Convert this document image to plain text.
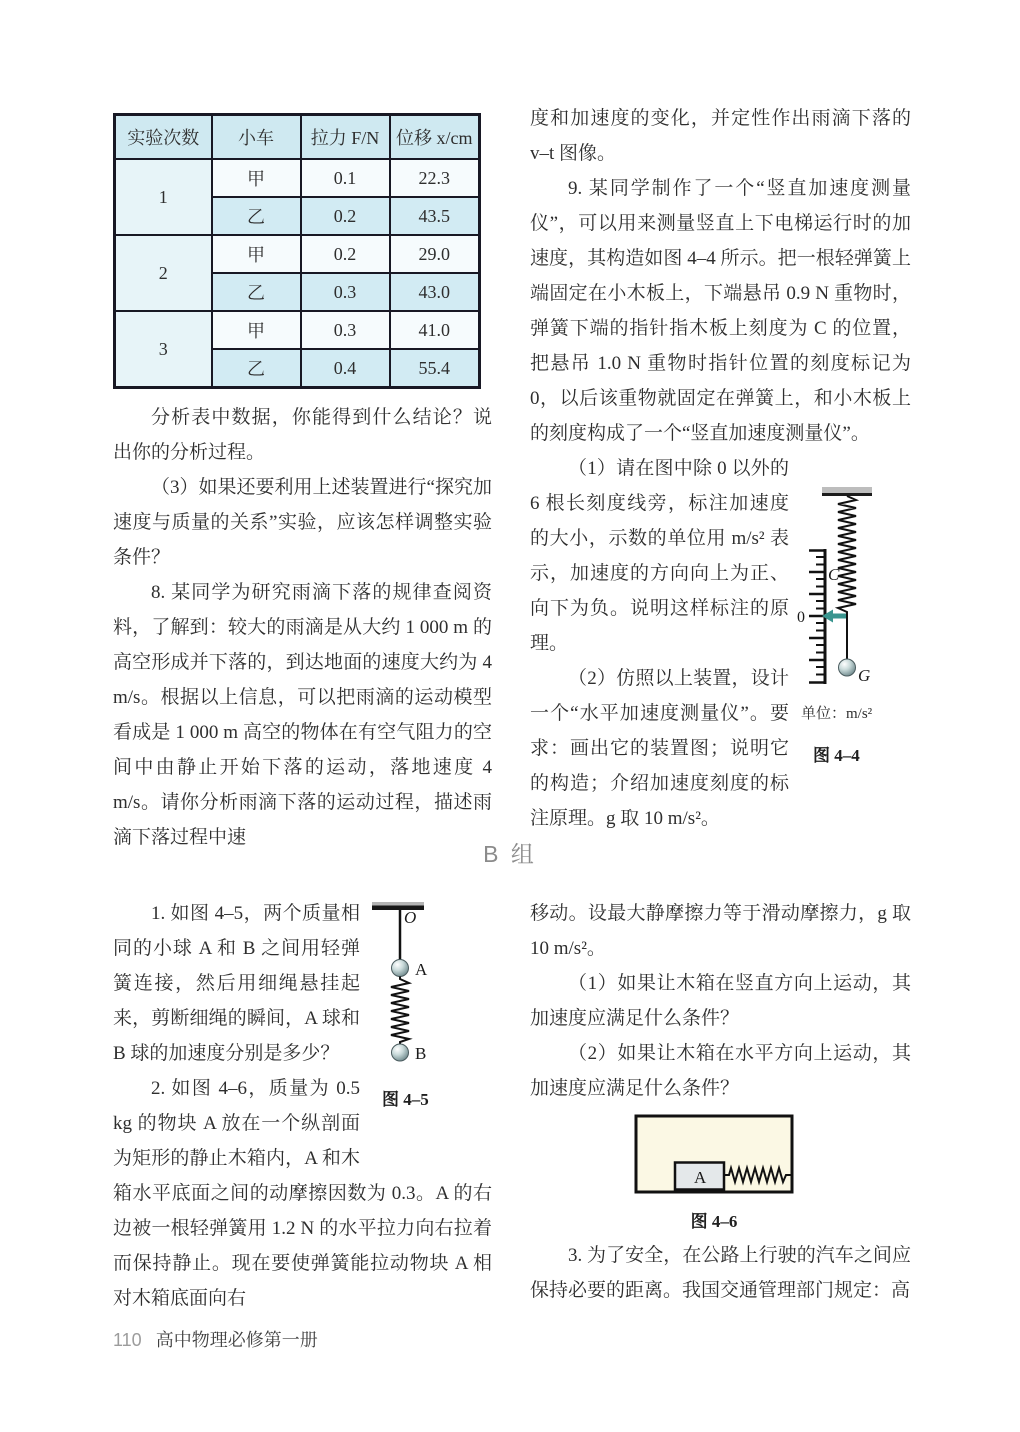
实验次数	小车	拉力 F/N	位移 x/cm
1	甲	0.1	22.3
	乙	0.2	43.5
2	甲	0.2	29.0
	乙	0.3	43.0
3	甲	0.3	41.0
	乙	0.4	55.4

分析表中数据，你能得到什么结论？说出你的分析过程。

（3）如果还要利用上述装置进行“探究加速度与质量的关系”实验，应该怎样调整实验条件？

8. 某同学为研究雨滴下落的规律查阅资料，了解到：较大的雨滴是从大约 1 000 m 的高空形成并下落的，到达地面的速度大约为 4 m/s。根据以上信息，可以把雨滴的运动模型看成是 1 000 m 高空的物体在有空气阻力的空间中由静止开始下落的运动，落地速度 4 m/s。请你分析雨滴下落的运动过程，描述雨滴下落过程中速

度和加速度的变化，并定性作出雨滴下落的 v–t 图像。

9. 某同学制作了一个“竖直加速度测量仪”，可以用来测量竖直上下电梯运行时的加速度，其构造如图 4–4 所示。把一根轻弹簧上端固定在小木板上，下端悬吊 0.9 N 重物时，弹簧下端的指针指木板上刻度为 C 的位置，把悬吊 1.0 N 重物时指针位置的刻度标记为 0，以后该重物就固定在弹簧上，和小木板上的刻度构成了一个“竖直加速度测量仪”。

C
0
G
单位：m/s²
图 4–4

（1）请在图中除 0 以外的 6 根长刻度线旁，标注加速度的大小，示数的单位用 m/s² 表示，加速度的方向向上为正、向下为负。说明这样标注的原理。

（2）仿照以上装置，设计一个“水平加速度测量仪”。要求：画出它的装置图；说明它的构造；介绍加速度刻度的标注原理。g 取 10 m/s²。

B 组
O
A
B
图 4–5

1. 如图 4–5，两个质量相同的小球 A 和 B 之间用轻弹簧连接，然后用细绳悬挂起来，剪断细绳的瞬间，A 球和 B 球的加速度分别是多少？

2. 如图 4–6，质量为 0.5 kg 的物块 A 放在一个纵剖面为矩形的静止木箱内，A 和木箱水平底面之间的动摩擦因数为 0.3。A 的右边被一根轻弹簧用 1.2 N 的水平拉力向右拉着而保持静止。现在要使弹簧能拉动物块 A 相对木箱底面向右

移动。设最大静摩擦力等于滑动摩擦力，g 取 10 m/s²。

（1）如果让木箱在竖直方向上运动，其加速度应满足什么条件？

（2）如果让木箱在水平方向上运动，其加速度应满足什么条件？

A
图 4–6

3. 为了安全，在公路上行驶的汽车之间应保持必要的距离。我国交通管理部门规定：高

110 高中物理必修第一册
